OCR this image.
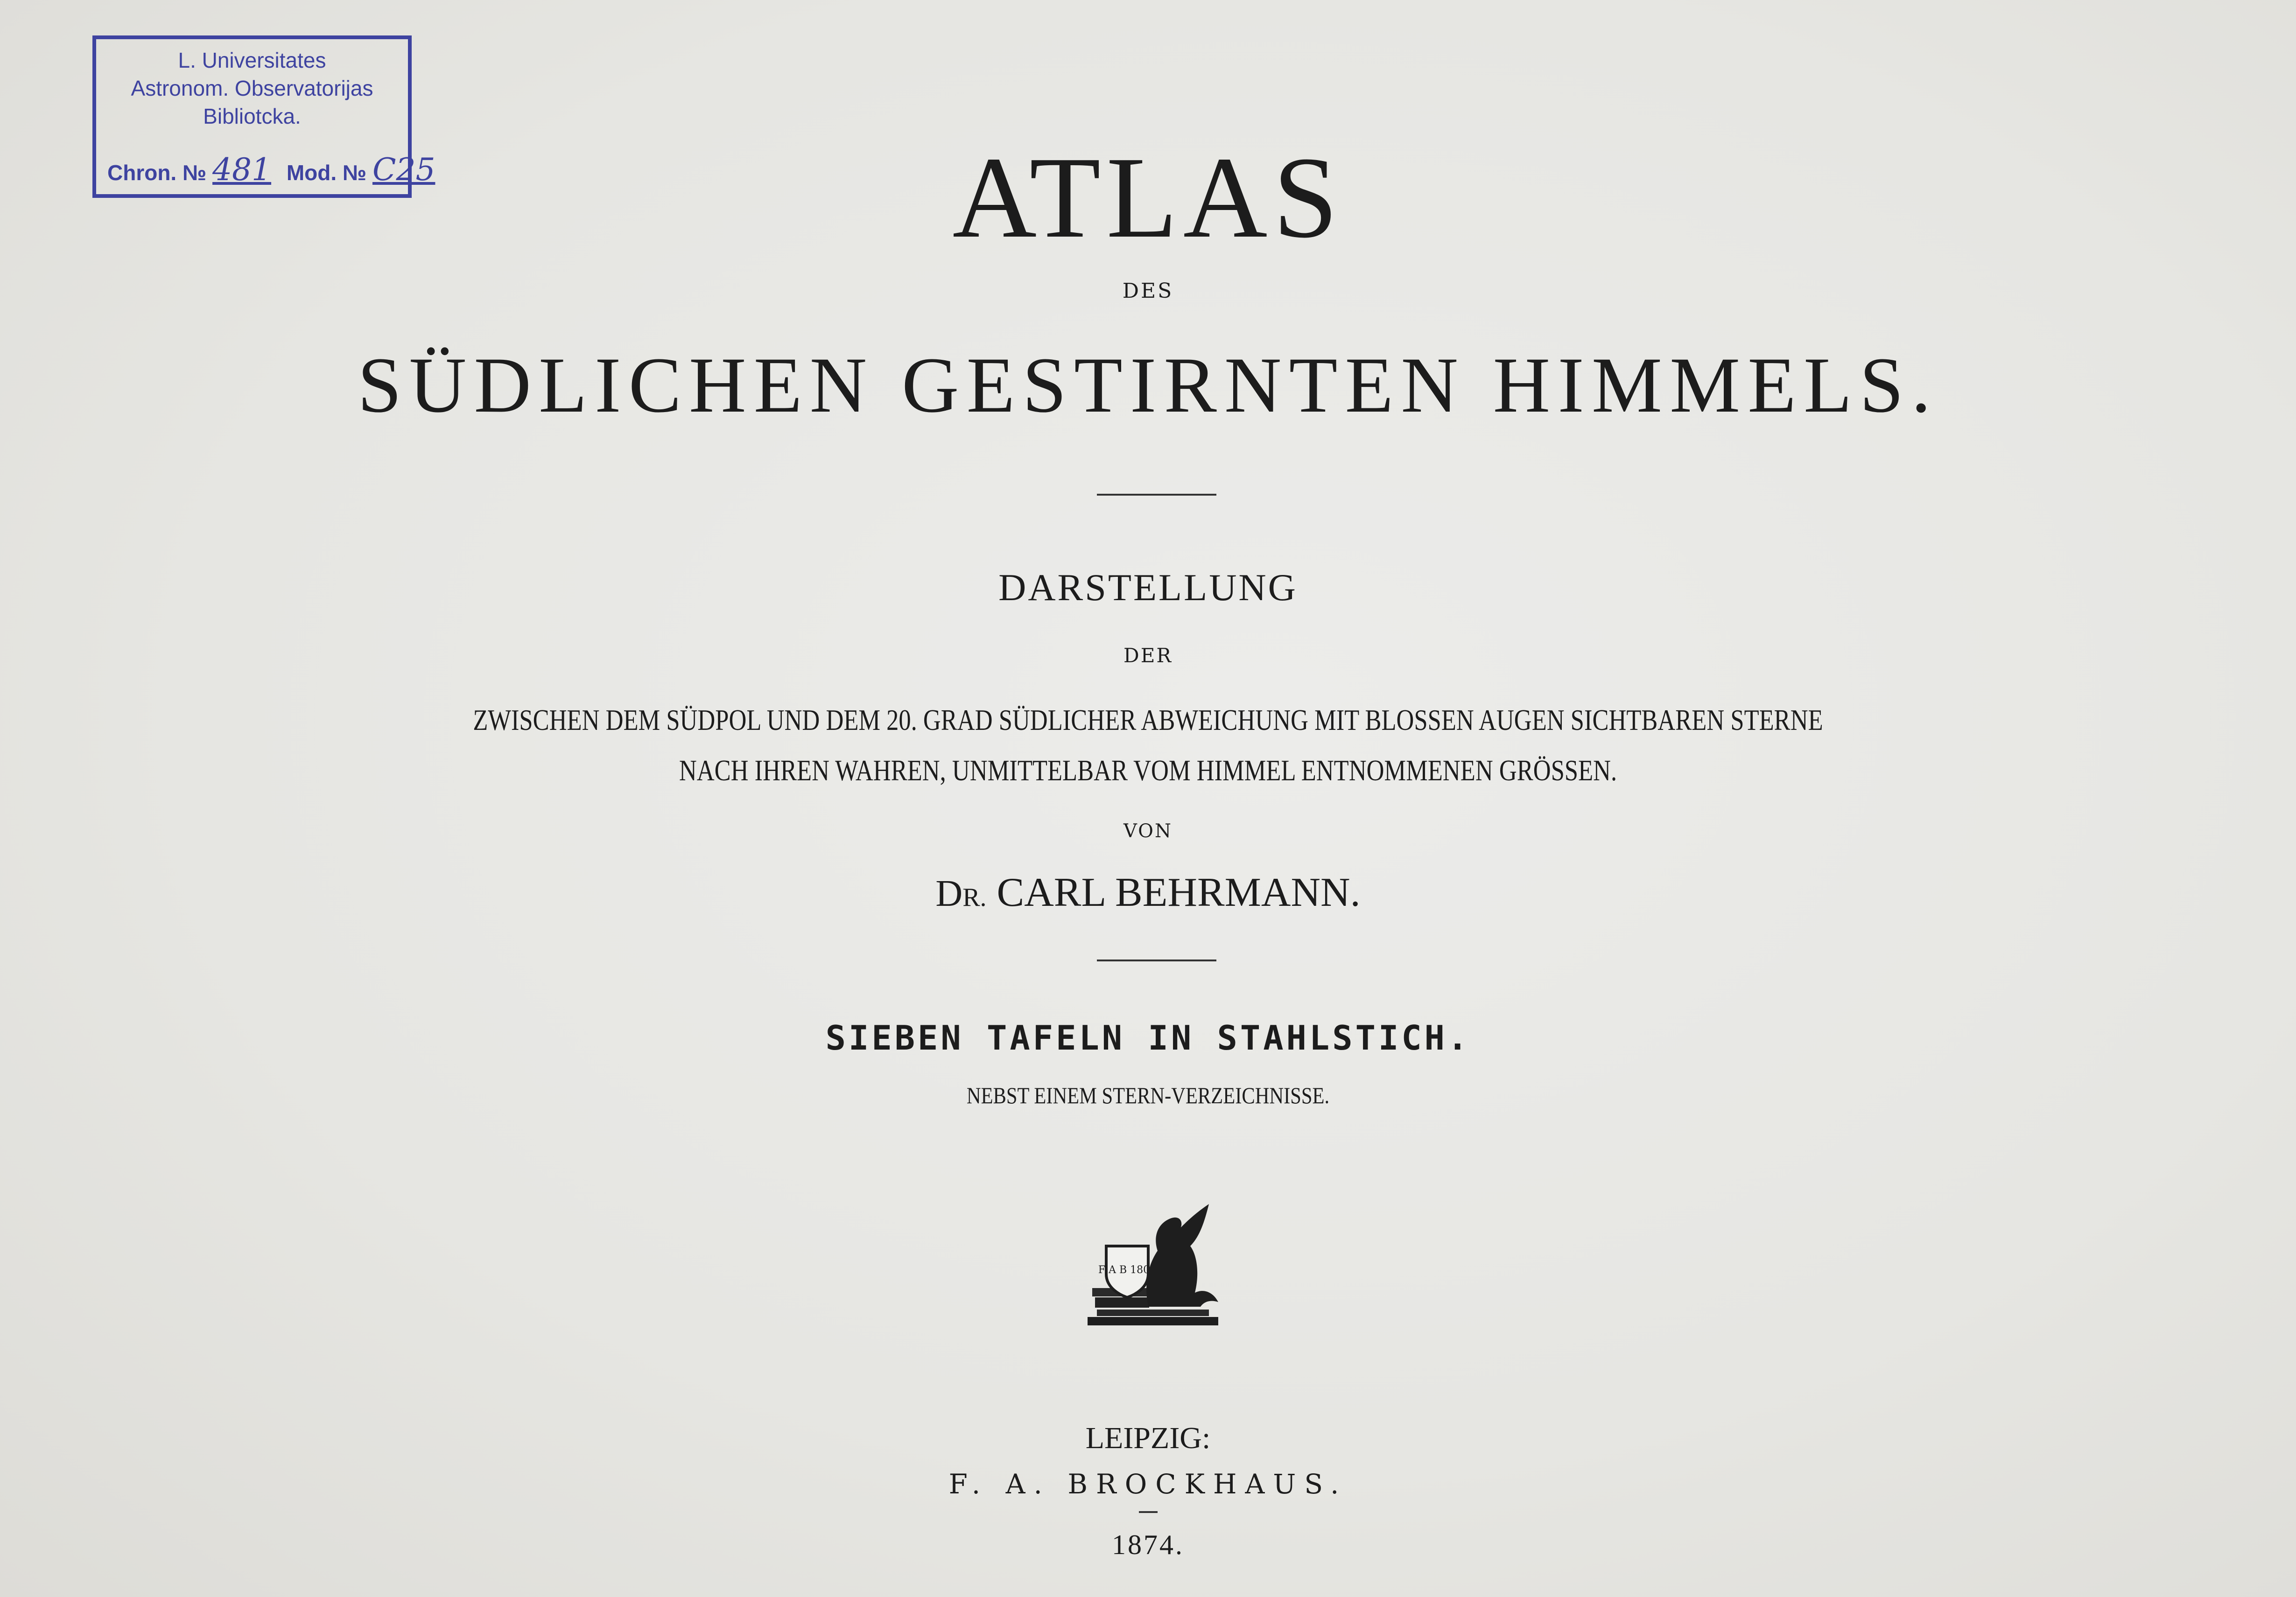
L. Universitates
Astronom. Observatorijas
Bibliotcka.
Chron. № 481 Mod. № C25	ATLAS
DES
SÜDLICHEN GESTIRNTEN HIMMELS.
DARSTELLUNG
DER
ZWISCHEN DEM SÜDPOL UND DEM 20. GRAD SÜDLICHER ABWEICHUNG MIT BLOSSEN AUGEN SICHTBAREN STERNE
NACH IHREN WAHREN, UNMITTELBAR VOM HIMMEL ENTNOMMENEN GRÖSSEN.
VON
DR. CARL BEHRMANN.
SIEBEN TAFELN IN STAHLSTICH.
NEBST EINEM STERN-VERZEICHNISSE.
F A B 1805
LEIPZIG:
F. A. BROCKHAUS.
1874.
